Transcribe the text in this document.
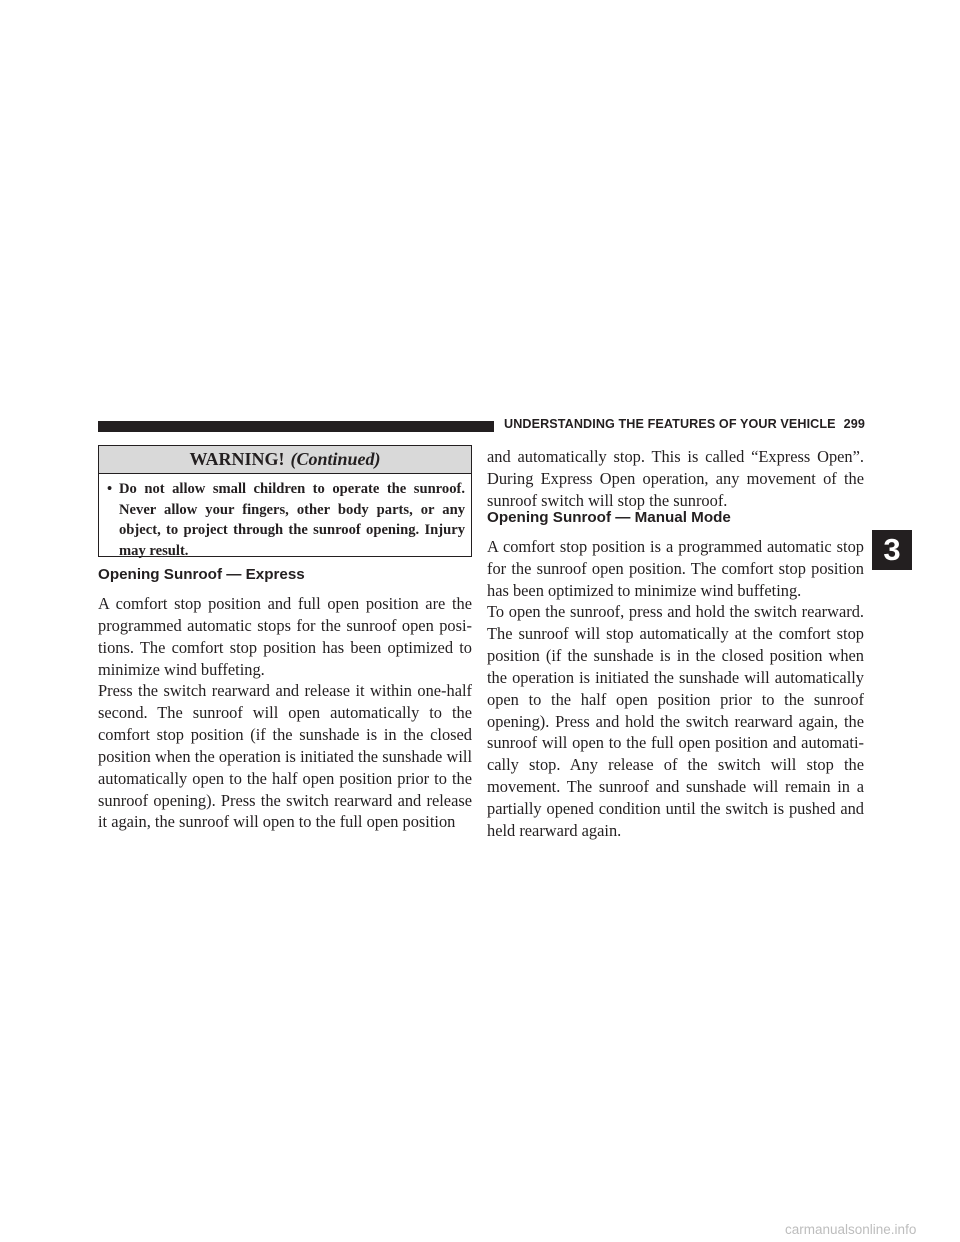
UNDERSTANDING THE FEATURES OF YOUR VEHICLE 299
3
WARNING! (Continued)
• Do not allow small children to operate the sunroof. Never allow your fingers, other body parts, or any object, to project through the sunroof opening. Injury may result.
Opening Sunroof — Express

A comfort stop position and full open position are the programmed automatic stops for the sunroof open posi-tions. The comfort stop position has been optimized to minimize wind buffeting.

Press the switch rearward and release it within one-half second. The sunroof will open automatically to the comfort stop position (if the sunshade is in the closed position when the operation is initiated the sunshade will automatically open to the half open position prior to the sunroof opening). Press the switch rearward and release it again, the sunroof will open to the full open position

and automatically stop. This is called “Express Open”. During Express Open operation, any movement of the sunroof switch will stop the sunroof.

Opening Sunroof — Manual Mode

A comfort stop position is a programmed automatic stop for the sunroof open position. The comfort stop position has been optimized to minimize wind buffeting.

To open the sunroof, press and hold the switch rearward. The sunroof will stop automatically at the comfort stop position (if the sunshade is in the closed position when the operation is initiated the sunshade will automatically open to the half open position prior to the sunroof opening). Press and hold the switch rearward again, the sunroof will open to the full open position and automati-cally stop. Any release of the switch will stop the movement. The sunroof and sunshade will remain in a partially opened condition until the switch is pushed and held rearward again.

carmanualsonline.info
